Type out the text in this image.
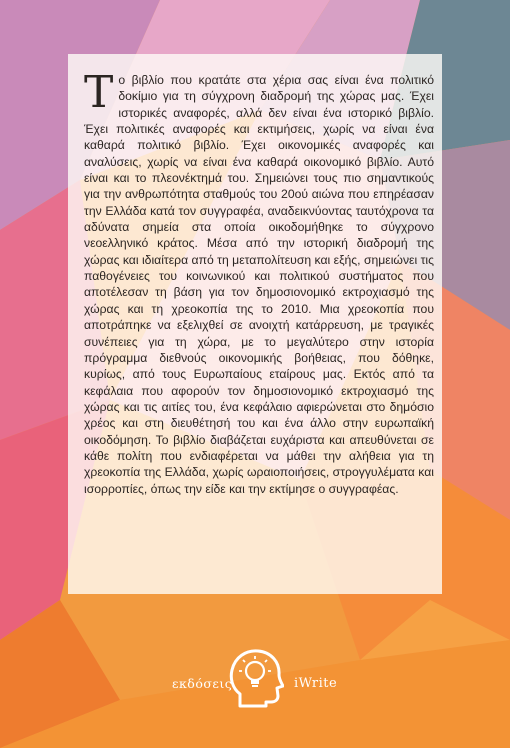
Το βιβλίο που κρατάτε στα χέρια σας είναι ένα πολιτικό δοκίμιο για τη σύγχρονη διαδρομή της χώρας μας. Έχει ιστορικές αναφορές, αλλά δεν είναι ένα ιστορικό βιβλίο. Έχει πολιτικές αναφορές και εκτιμήσεις, χωρίς να είναι ένα καθαρά πολιτικό βιβλίο. Έχει οικονομικές αναφορές και αναλύσεις, χωρίς να είναι ένα καθαρά οικονομικό βιβλίο. Αυτό είναι και το πλεονέκτημά του. Σημειώνει τους πιο σημαντικούς για την ανθρωπότητα σταθμούς του 20ού αιώνα που επηρέασαν την Ελλάδα κατά τον συγγραφέα, αναδεικνύοντας ταυτόχρονα τα αδύνατα σημεία στα οποία οικοδομήθηκε το σύγχρονο νεοελληνικό κράτος. Μέσα από την ιστορική διαδρομή της χώρας και ιδιαίτερα από τη μεταπολίτευση και εξής, σημειώνει τις παθογένειες του κοινωνικού και πολιτικού συστήματος που αποτέλεσαν τη βάση για τον δημοσιονομικό εκτροχιασμό της χώρας και τη χρεοκοπία της το 2010. Μια χρεοκοπία που αποτράπηκε να εξελιχθεί σε ανοιχτή κατάρρευση, με τραγικές συνέπειες για τη χώρα, με το μεγαλύτερο στην ιστορία πρόγραμμα διεθνούς οικονομικής βοήθειας, που δόθηκε, κυρίως, από τους Ευρωπαίους εταίρους μας. Εκτός από τα κεφάλαια που αφορούν τον δημοσιονομικό εκτροχιασμό της χώρας και τις αιτίες του, ένα κεφάλαιο αφιερώνεται στο δημόσιο χρέος και στη διευθέτησή του και ένα άλλο στην ευρωπαϊκή οικοδόμηση. Το βιβλίο διαβάζεται ευχάριστα και απευθύνεται σε κάθε πολίτη που ενδιαφέρεται να μάθει την αλήθεια για τη χρεοκοπία της Ελλάδα, χωρίς ωραιοποιήσεις, στρογγυλέματα και ισορροπίες, όπως την είδε και την εκτίμησε ο συγγραφέας.

εκδόσεις	iWrite
